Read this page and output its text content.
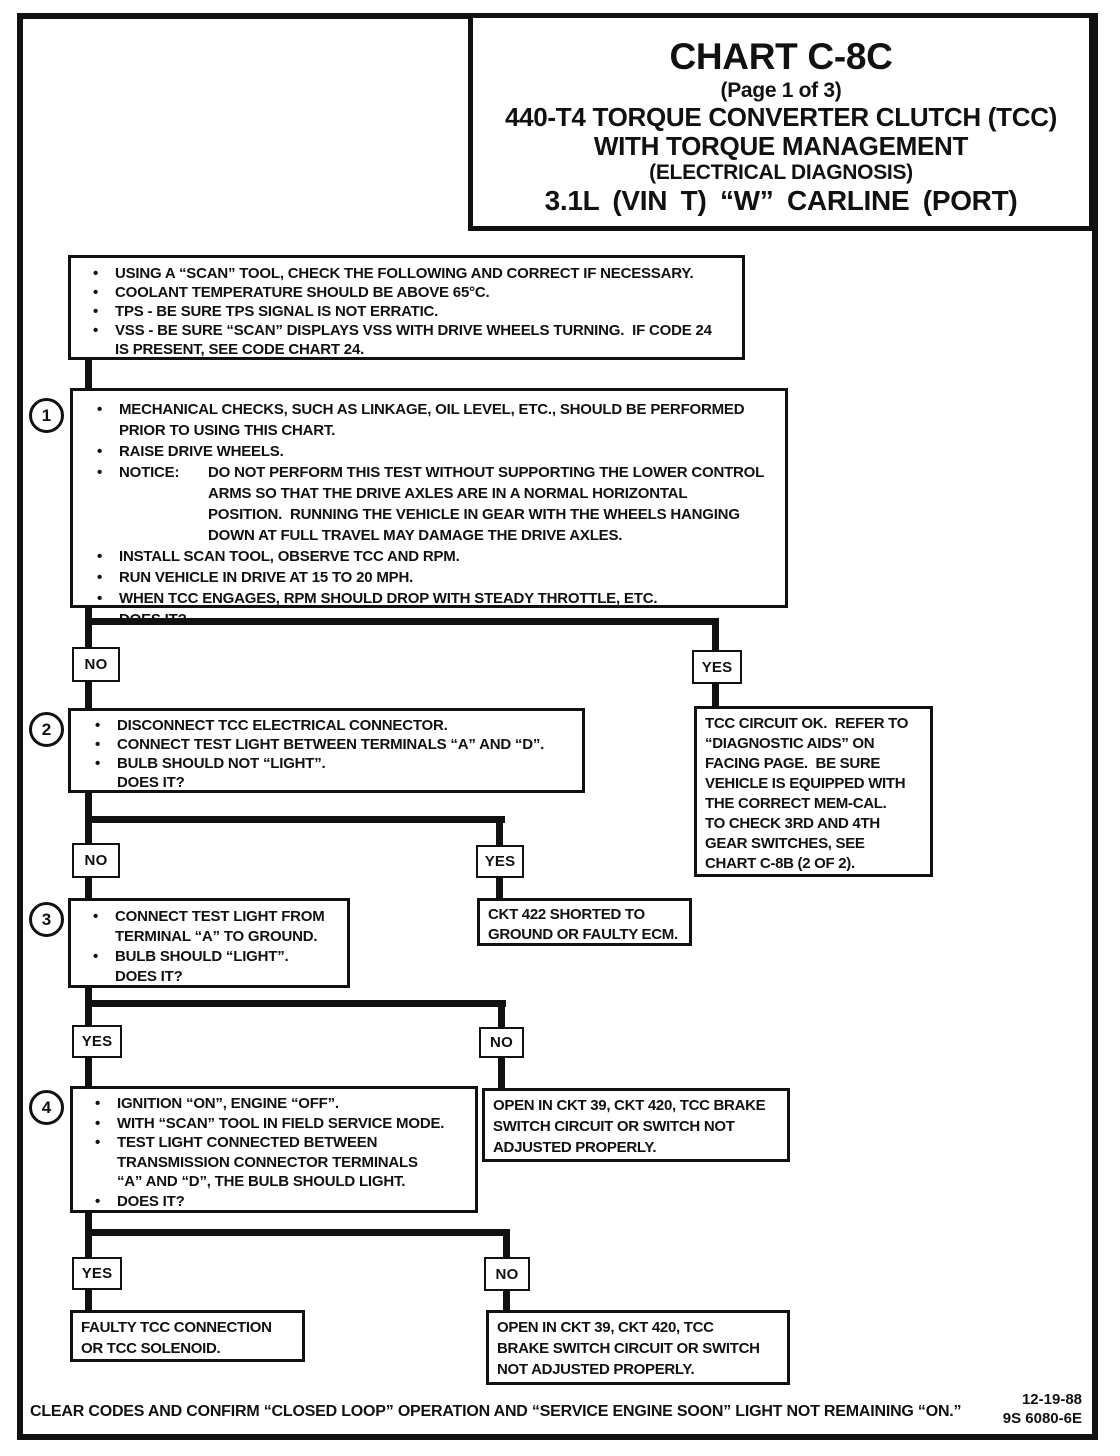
CHART C-8C
(Page 1 of 3)
440-T4 TORQUE CONVERTER CLUTCH (TCC)
WITH TORQUE MANAGEMENT
(ELECTRICAL DIAGNOSIS)
3.1L (VIN T) “W” CARLINE (PORT)
•	USING A “SCAN” TOOL, CHECK THE FOLLOWING AND CORRECT IF NECESSARY.
•	COOLANT TEMPERATURE SHOULD BE ABOVE 65°C.
•	TPS - BE SURE TPS SIGNAL IS NOT ERRATIC.
•	VSS - BE SURE “SCAN” DISPLAYS VSS WITH DRIVE WHEELS TURNING.  IF CODE 24
IS PRESENT, SEE CODE CHART 24.
1	•	MECHANICAL CHECKS, SUCH AS LINKAGE, OIL LEVEL, ETC., SHOULD BE PERFORMED
PRIOR TO USING THIS CHART.
•	RAISE DRIVE WHEELS.
•	NOTICE:	DO NOT PERFORM THIS TEST WITHOUT SUPPORTING THE LOWER CONTROL
ARMS SO THAT THE DRIVE AXLES ARE IN A NORMAL HORIZONTAL
POSITION.  RUNNING THE VEHICLE IN GEAR WITH THE WHEELS HANGING
DOWN AT FULL TRAVEL MAY DAMAGE THE DRIVE AXLES.
•	INSTALL SCAN TOOL, OBSERVE TCC AND RPM.
•	RUN VEHICLE IN DRIVE AT 15 TO 20 MPH.
•	WHEN TCC ENGAGES, RPM SHOULD DROP WITH STEADY THROTTLE, ETC.
DOES IT?
NO	YES
2	•	DISCONNECT TCC ELECTRICAL CONNECTOR.
•	CONNECT TEST LIGHT BETWEEN TERMINALS “A” AND “D”.
•	BULB SHOULD NOT “LIGHT”.
DOES IT?
TCC CIRCUIT OK.  REFER TO
“DIAGNOSTIC AIDS” ON
FACING PAGE.  BE SURE
VEHICLE IS EQUIPPED WITH
THE CORRECT MEM-CAL.
TO CHECK 3RD AND 4TH
GEAR SWITCHES, SEE
CHART C-8B (2 OF 2).
NO	YES
3	•	CONNECT TEST LIGHT FROM
TERMINAL “A” TO GROUND.
•	BULB SHOULD “LIGHT”.
DOES IT?
CKT 422 SHORTED TO
GROUND OR FAULTY ECM.
YES	NO
4	•	IGNITION “ON”, ENGINE “OFF”.
•	WITH “SCAN” TOOL IN FIELD SERVICE MODE.
•	TEST LIGHT CONNECTED BETWEEN
TRANSMISSION CONNECTOR TERMINALS
“A” AND “D”, THE BULB SHOULD LIGHT.
•	DOES IT?
OPEN IN CKT 39, CKT 420, TCC BRAKE
SWITCH CIRCUIT OR SWITCH NOT
ADJUSTED PROPERLY.
YES	NO
FAULTY TCC CONNECTION
OR TCC SOLENOID.
OPEN IN CKT 39, CKT 420, TCC
BRAKE SWITCH CIRCUIT OR SWITCH
NOT ADJUSTED PROPERLY.
CLEAR CODES AND CONFIRM “CLOSED LOOP” OPERATION AND “SERVICE ENGINE SOON” LIGHT NOT REMAINING “ON.”
12-19-88
9S 6080-6E
